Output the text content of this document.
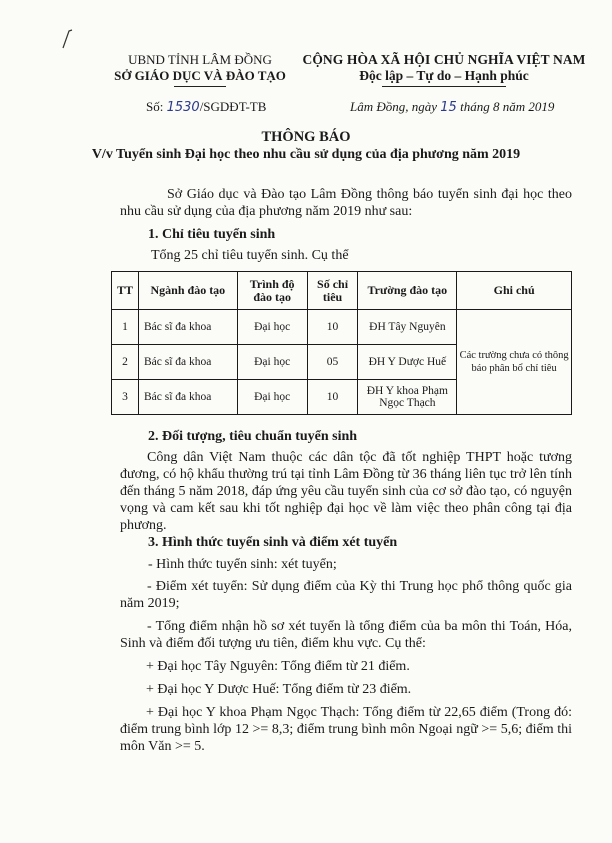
UBND TỈNH LÂM ĐỒNG
SỞ GIÁO DỤC VÀ ĐÀO TẠO
CỘNG HÒA XÃ HỘI CHỦ NGHĨA VIỆT NAM
Độc lập – Tự do – Hạnh phúc
Số: 1530/SGDĐT-TB	Lâm Đồng, ngày 15 tháng 8 năm 2019
THÔNG BÁO
V/v Tuyển sinh Đại học theo nhu cầu sử dụng của địa phương năm 2019
Sở Giáo dục và Đào tạo Lâm Đồng thông báo tuyển sinh đại học theo nhu cầu sử dụng của địa phương năm 2019 như sau:
1. Chỉ tiêu tuyển sinh
Tổng 25 chỉ tiêu tuyển sinh. Cụ thể
TT	Ngành đào tạo	Trình độ đào tạo	Số chỉ tiêu	Trường đào tạo	Ghi chú
1	Bác sĩ đa khoa	Đại học	10	ĐH Tây Nguyên	Các trường chưa có thông báo phân bổ chỉ tiêu
2	Bác sĩ đa khoa	Đại học	05	ĐH Y Dược Huế	
3	Bác sĩ đa khoa	Đại học	10	ĐH Y khoa Phạm Ngọc Thạch	
2. Đối tượng, tiêu chuẩn tuyển sinh
Công dân Việt Nam thuộc các dân tộc đã tốt nghiệp THPT hoặc tương đương, có hộ khẩu thường trú tại tỉnh Lâm Đồng từ 36 tháng liên tục trở lên tính đến tháng 5 năm 2018, đáp ứng yêu cầu tuyển sinh của cơ sở đào tạo, có nguyện vọng và cam kết sau khi tốt nghiệp đại học về làm việc theo phân công tại địa phương.
3. Hình thức tuyển sinh và điểm xét tuyển
- Hình thức tuyển sinh: xét tuyển;
- Điểm xét tuyển: Sử dụng điểm của Kỳ thi Trung học phổ thông quốc gia năm 2019;
- Tổng điểm nhận hồ sơ xét tuyển là tổng điểm của ba môn thi Toán, Hóa, Sinh và điểm đối tượng ưu tiên, điểm khu vực. Cụ thể:
+ Đại học Tây Nguyên: Tổng điểm từ 21 điểm.
+ Đại học Y Dược Huế: Tổng điểm từ 23 điểm.
+ Đại học Y khoa Phạm Ngọc Thạch: Tổng điểm từ 22,65 điểm (Trong đó: điểm trung bình lớp 12 >= 8,3; điểm trung bình môn Ngoại ngữ >= 5,6; điểm thi môn Văn >= 5.
